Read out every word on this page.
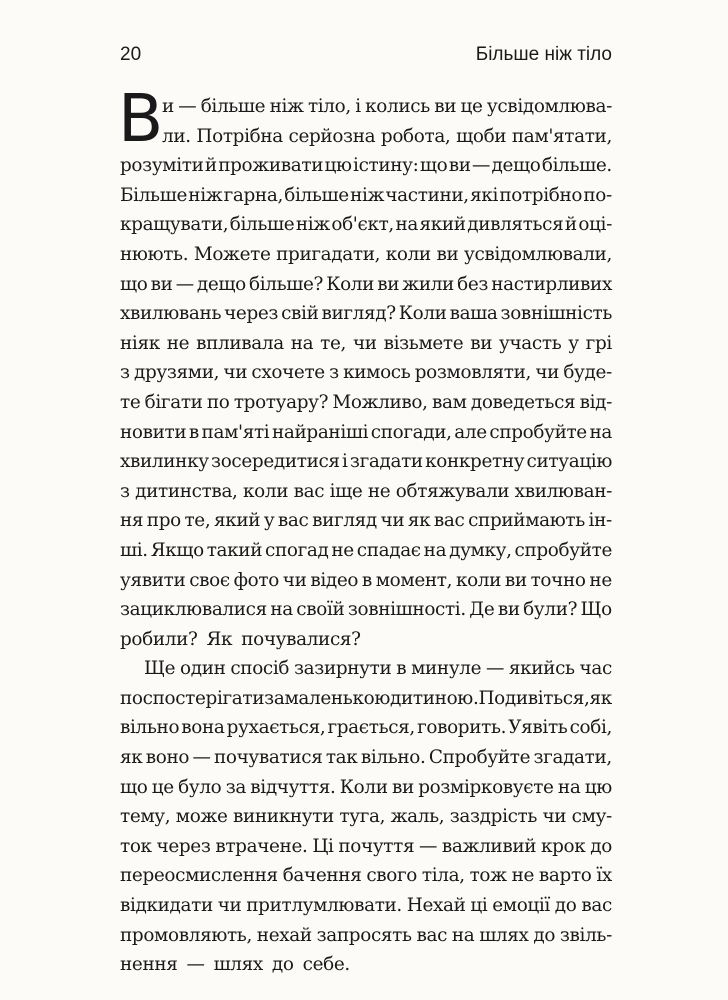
20	Більше ніж тіло
В
и — більше ніж тіло, і колись ви це усвідомлюва-
ли. Потрібна серйозна робота, щоби пам'ятати,
розуміти й проживати цю істину: що ви — дещо більше.
Більше ніж гарна, більше ніж частини, які потрібно по-
кращувати, більше ніж об'єкт, на який дивляться й оці-
нюють. Можете пригадати, коли ви усвідомлювали,
що ви — дещо більше? Коли ви жили без настирливих
хвилювань через свій вигляд? Коли ваша зовнішність
ніяк не впливала на те, чи візьмете ви участь у грі
з друзями, чи схочете з кимось розмовляти, чи буде-
те бігати по тротуару? Можливо, вам доведеться від-
новити в пам'яті найраніші спогади, але спробуйте на
хвилинку зосередитися і згадати конкретну ситуацію
з дитинства, коли вас іще не обтяжували хвилюван-
ня про те, який у вас вигляд чи як вас сприймають ін-
ші. Якщо такий спогад не спадає на думку, спробуйте
уявити своє фото чи відео в момент, коли ви точно не
зациклювалися на своїй зовнішності. Де ви були? Що
робили? Як почувалися?
Ще один спосіб зазирнути в минуле — якийсь час
поспостерігати за маленькою дитиною. Подивіться, як
вільно вона рухається, грається, говорить. Уявіть собі,
як воно — почуватися так вільно. Спробуйте згадати,
що це було за відчуття. Коли ви розмірковуєте на цю
тему, може виникнути туга, жаль, заздрість чи сму-
ток через втрачене. Ці почуття — важливий крок до
переосмислення бачення свого тіла, тож не варто їх
відкидати чи притлумлювати. Нехай ці емоції до вас
промовляють, нехай запросять вас на шлях до звіль-
нення — шлях до себе.
